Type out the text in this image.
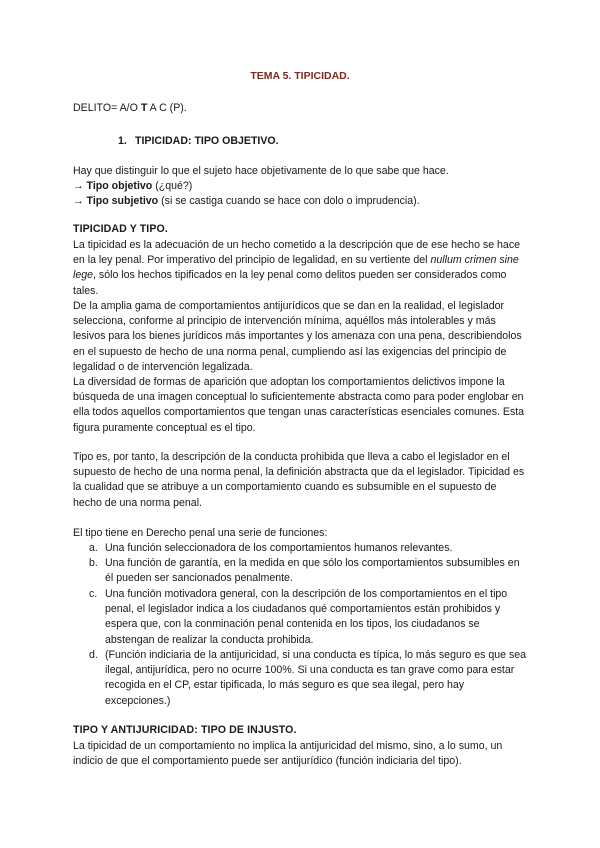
TEMA 5. TIPICIDAD.
DELITO= A/O T A C (P).
1. TIPICIDAD: TIPO OBJETIVO.
Hay que distinguir lo que el sujeto hace objetivamente de lo que sabe que hace.
→ Tipo objetivo (¿qué?)
→ Tipo subjetivo (si se castiga cuando se hace con dolo o imprudencia).
TIPICIDAD Y TIPO.
La tipicidad es la adecuación de un hecho cometido a la descripción que de ese hecho se hace en la ley penal. Por imperativo del principio de legalidad, en su vertiente del nullum crimen sine lege, sólo los hechos tipificados en la ley penal como delitos pueden ser considerados como tales.
De la amplia gama de comportamientos antijurídicos que se dan en la realidad, el legislador selecciona, conforme al principio de intervención mínima, aquéllos más intolerables y más lesivos para los bienes jurídicos más importantes y los amenaza con una pena, describiendolos en el supuesto de hecho de una norma penal, cumpliendo así las exigencias del principio de legalidad o de intervención legalizada.
La diversidad de formas de aparición que adoptan los comportamientos delictivos impone la búsqueda de una imagen conceptual lo suficientemente abstracta como para poder englobar en ella todos aquellos comportamientos que tengan unas características esenciales comunes. Esta figura puramente conceptual es el tipo.
Tipo es, por tanto, la descripción de la conducta prohibida que lleva a cabo el legislador en el supuesto de hecho de una norma penal, la definición abstracta que da el legislador. Tipicidad es la cualidad que se atribuye a un comportamiento cuando es subsumible en el supuesto de hecho de una norma penal.
El tipo tiene en Derecho penal una serie de funciones:
a. Una función seleccionadora de los comportamientos humanos relevantes.
b. Una función de garantía, en la medida en que sólo los comportamientos subsumibles en él pueden ser sancionados penalmente.
c. Una función motivadora general, con la descripción de los comportamientos en el tipo penal, el legislador indica a los ciudadanos qué comportamientos están prohibidos y espera que, con la conminación penal contenida en los tipos, los ciudadanos se abstengan de realizar la conducta prohibida.
d. (Función indiciaria de la antijuricidad, si una conducta es típica, lo más seguro es que sea ilegal, antijurídica, pero no ocurre 100%. Si una conducta es tan grave como para estar recogida en el CP, estar tipificada, lo más seguro es que sea ilegal, pero hay excepciones.)
TIPO Y ANTIJURICIDAD: TIPO DE INJUSTO.
La tipicidad de un comportamiento no implica la antijuricidad del mismo, sino, a lo sumo, un indicio de que el comportamiento puede ser antijurídico (función indiciaria del tipo).
